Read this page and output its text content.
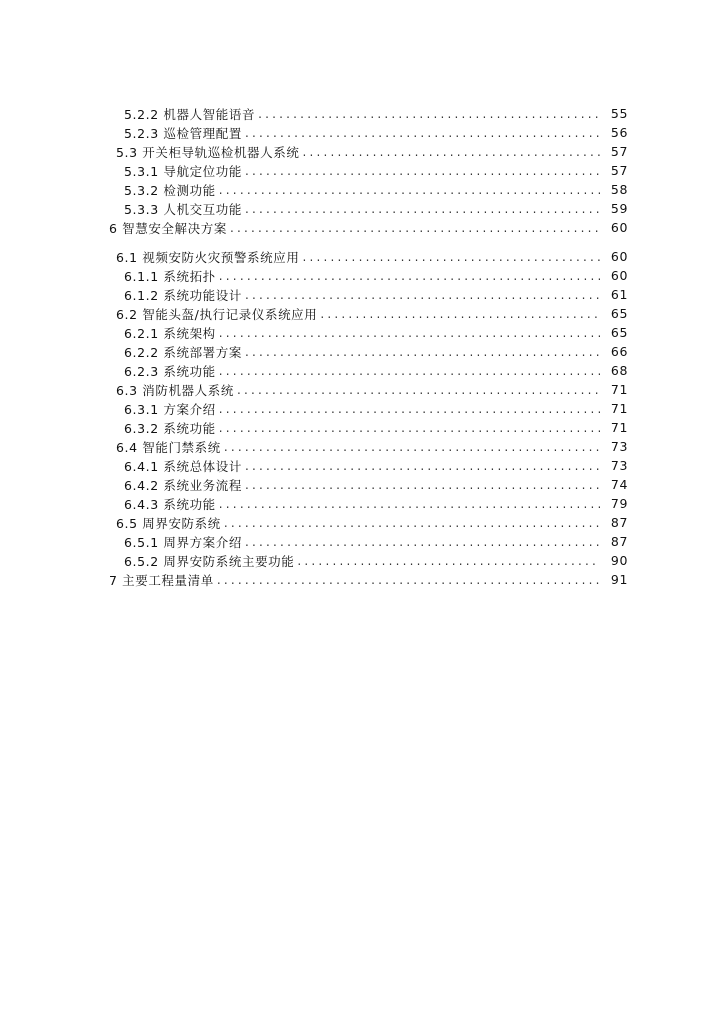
5.2.2 机器人智能语音 .....	55
5.2.3 巡检管理配置 .....	56
5.3 开关柜导轨巡检机器人系统 .....	57
5.3.1 导航定位功能 .....	57
5.3.2 检测功能 .....	58
5.3.3 人机交互功能 .....	59
6 智慧安全解决方案 .....	60
6.1 视频安防火灾预警系统应用 .....	60
6.1.1 系统拓扑 .....	60
6.1.2 系统功能设计 .....	61
6.2 智能头盔/执行记录仪系统应用 .....	65
6.2.1 系统架构 .....	65
6.2.2 系统部署方案 .....	66
6.2.3 系统功能 .....	68
6.3 消防机器人系统 .....	71
6.3.1 方案介绍 .....	71
6.3.2 系统功能 .....	71
6.4 智能门禁系统 .....	73
6.4.1 系统总体设计 .....	73
6.4.2 系统业务流程 .....	74
6.4.3 系统功能 .....	79
6.5 周界安防系统 .....	87
6.5.1 周界方案介绍 .....	87
6.5.2 周界安防系统主要功能 .....	90
7 主要工程量清单 .....	91
